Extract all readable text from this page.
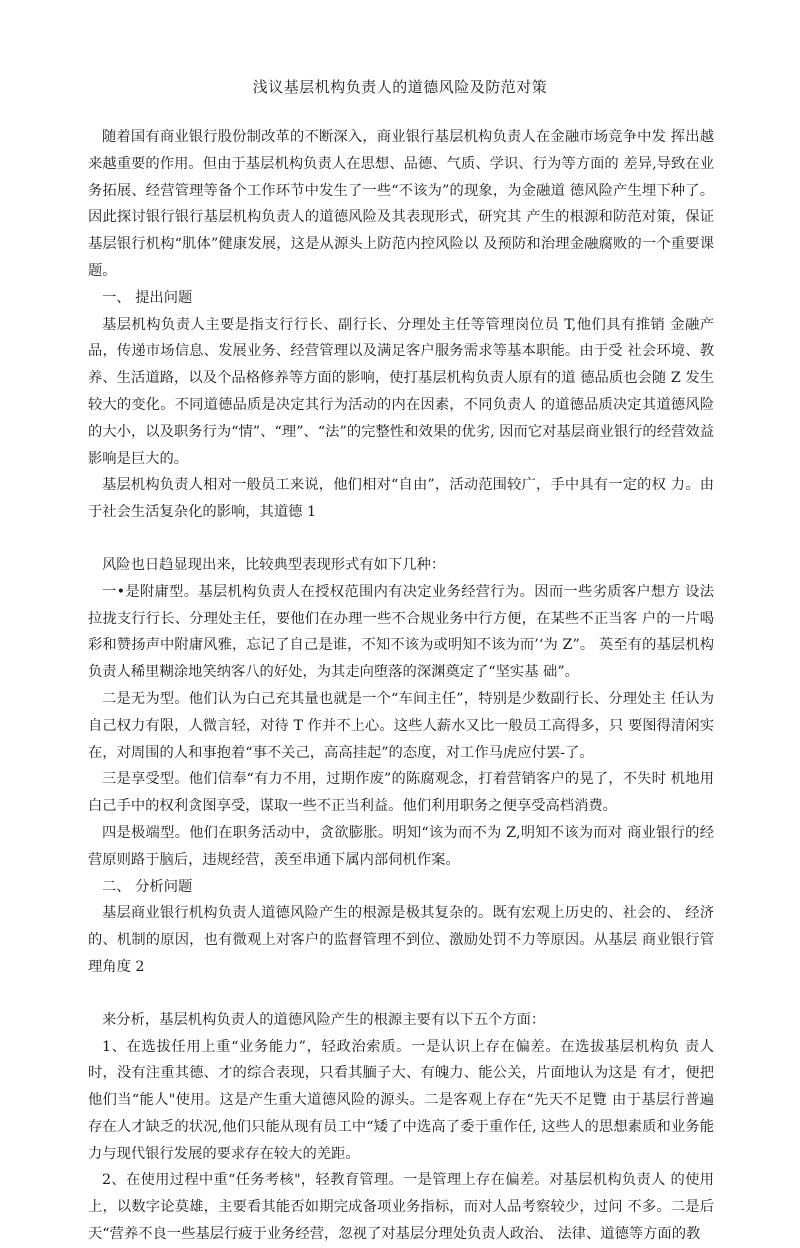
浅议基层机构负责人的道德风险及防范对策

随着国有商业银行股份制改革的不断深入，商业银行基层机构负责人在金融市场竞争中发 挥出越来越重要的作用。但由于基层机构负责人在思想、品德、气质、学识、行为等方面的 差异,导致在业务拓展、经营管理等备个工作环节中发生了一些“不该为”的现象，为金融道 德风险产生埋下种了。因此探讨银行银行基层机构负责人的道德风险及其表现形式，研究其 产生的根源和防范对策，保证基层银行机构“肌体”健康发展，这是从源头上防范内控风险以 及预防和治理金融腐败的一个重要课题。

一、 提出问题

基层机构负责人主要是指支行行长、副行长、分理处主任等管理岗位员 T,他们具有推销 金融产品，传递市场信息、发展业务、经营管理以及满足客户服务需求等基本职能。由于受 社会环境、教养、生活道路，以及个品格修养等方面的影响，使打基层机构负责人原有的道 德品质也会随 Z 发生较大的变化。不同道德品质是决定其行为活动的内在因素，不同负责人 的道德品质决定其道德风险的大小，以及职务行为“情”、“理”、“法”的完整性和效果的优劣, 因而它对基层商业银行的经营效益影响是巨大的。

基层机构负责人相对一般员工来说，他们相对“自由”，活动范围较广，手中具有一定的权 力。由于社会生活复杂化的影响，其道德 1

风险也日趋显现出来，比较典型表现形式有如下几种：

一•是附庸型。基层机构负责人在授权范围内有决定业务经营行为。因而一些劣质客户想方 设法拉拢支行行长、分理处主任，要他们在办理一些不合规业务中行方便，在某些不正当客 户的一片喝彩和赞扬声中附庸风雅，忘记了自己是谁，不知不该为或明知不该为而’‘为 Z”。 英至有的基层机构负责人稀里糊涂地笑纳客八的好处，为其走向堕落的深渊奠定了“坚实基 础”。

二是无为型。他们认为白己充其量也就是一个“车间主任”，特别是少数副行长、分理处主 任认为自己权力有限，人微言轻，对待 T 作并不上心。这些人薪水又比一般员工高得多，只 要图得清闲实在，对周围的人和事抱着“事不关己，高高挂起”的态度，对工作马虎应付罢-了。

三是享受型。他们信奉“有力不用，过期作废”的陈腐观念，打着营销客户的晃了，不失时 机地用白己手中的权利贪图享受，谋取一些不正当利益。他们利用职务之便享受高档消费。

四是极端型。他们在职务活动中，贪欲膨胀。明知“该为而不为 Z,明知不该为而对 商业银行的经营原则路于脑后，违规经营，羡至串通下属内部伺机作案。

二、 分析问题

基层商业银行机构负责人道德风险产生的根源是极其复杂的。既有宏观上历史的、社会的、 经济的、机制的原因，也有微观上对客户的监督管理不到位、激励处罚不力等原因。从基层 商业银行管理角度 2

来分析，基层机构负责人的道德风险产生的根源主要有以下五个方面：

1、在选拔任用上重“业务能力”，轻政治索质。一是认识上存在偏差。在选拔基层机构负 责人时，没有注重其德、才的综合表现，只看其腼子大、有魄力、能公关，片面地认为这是 有才，便把他们当“能人"使用。这是产生重大道德风险的源头。二是客观上存在“先天不足覽 由于基层行普遍存在人才缺乏的状况,他们只能从现有员工中“矮了中选高了委于重作任, 这些人的思想素质和业务能力与现代银行发展的要求存在较大的羌距。

2、在使用过程中重“任务考核"，轻教育管理。一是管理上存在偏差。对基层机构负责人 的使用上，以数字论莫雄，主要看其能否如期完成备项业务指标，而对人品考察较少，过问 不多。二是后天“营养不良一些基层行疲于业务经营，忽视了对基层分理处负责人政治、 法律、道德等方面的教
